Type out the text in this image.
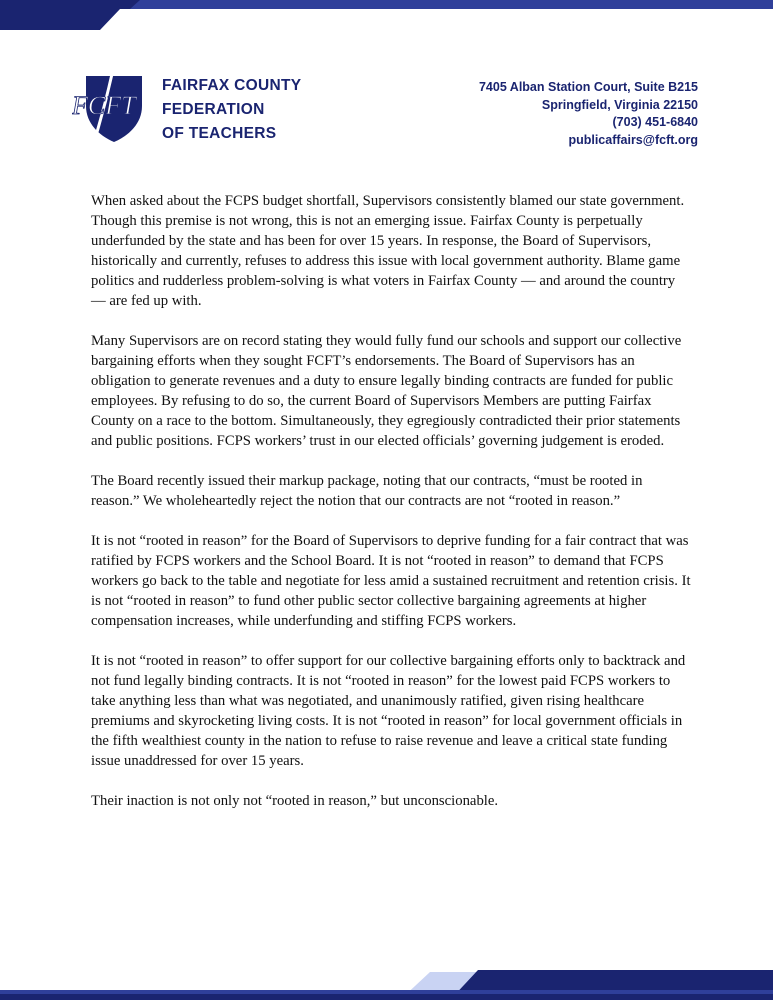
FCFT
FAIRFAX COUNTY
FEDERATION
OF TEACHERS
7405 Alban Station Court, Suite B215
Springfield, Virginia 22150
(703) 451-6840
publicaffairs@fcft.org

When asked about the FCPS budget shortfall, Supervisors consistently blamed our state government. Though this premise is not wrong, this is not an emerging issue. Fairfax County is perpetually underfunded by the state and has been for over 15 years. In response, the Board of Supervisors, historically and currently, refuses to address this issue with local government authority. Blame game politics and rudderless problem-solving is what voters in Fairfax County — and around the country — are fed up with.

Many Supervisors are on record stating they would fully fund our schools and support our collective bargaining efforts when they sought FCFT’s endorsements. The Board of Supervisors has an obligation to generate revenues and a duty to ensure legally binding contracts are funded for public employees. By refusing to do so, the current Board of Supervisors Members are putting Fairfax County on a race to the bottom. Simultaneously, they egregiously contradicted their prior statements and public positions. FCPS workers’ trust in our elected officials’ governing judgement is eroded.

The Board recently issued their markup package, noting that our contracts, “must be rooted in reason.” We wholeheartedly reject the notion that our contracts are not “rooted in reason.”

It is not “rooted in reason” for the Board of Supervisors to deprive funding for a fair contract that was ratified by FCPS workers and the School Board. It is not “rooted in reason” to demand that FCPS workers go back to the table and negotiate for less amid a sustained recruitment and retention crisis. It is not “rooted in reason” to fund other public sector collective bargaining agreements at higher compensation increases, while underfunding and stiffing FCPS workers.

It is not “rooted in reason” to offer support for our collective bargaining efforts only to backtrack and not fund legally binding contracts. It is not “rooted in reason” for the lowest paid FCPS workers to take anything less than what was negotiated, and unanimously ratified, given rising healthcare premiums and skyrocketing living costs. It is not “rooted in reason” for local government officials in the fifth wealthiest county in the nation to refuse to raise revenue and leave a critical state funding issue unaddressed for over 15 years.

Their inaction is not only not “rooted in reason,” but unconscionable.
